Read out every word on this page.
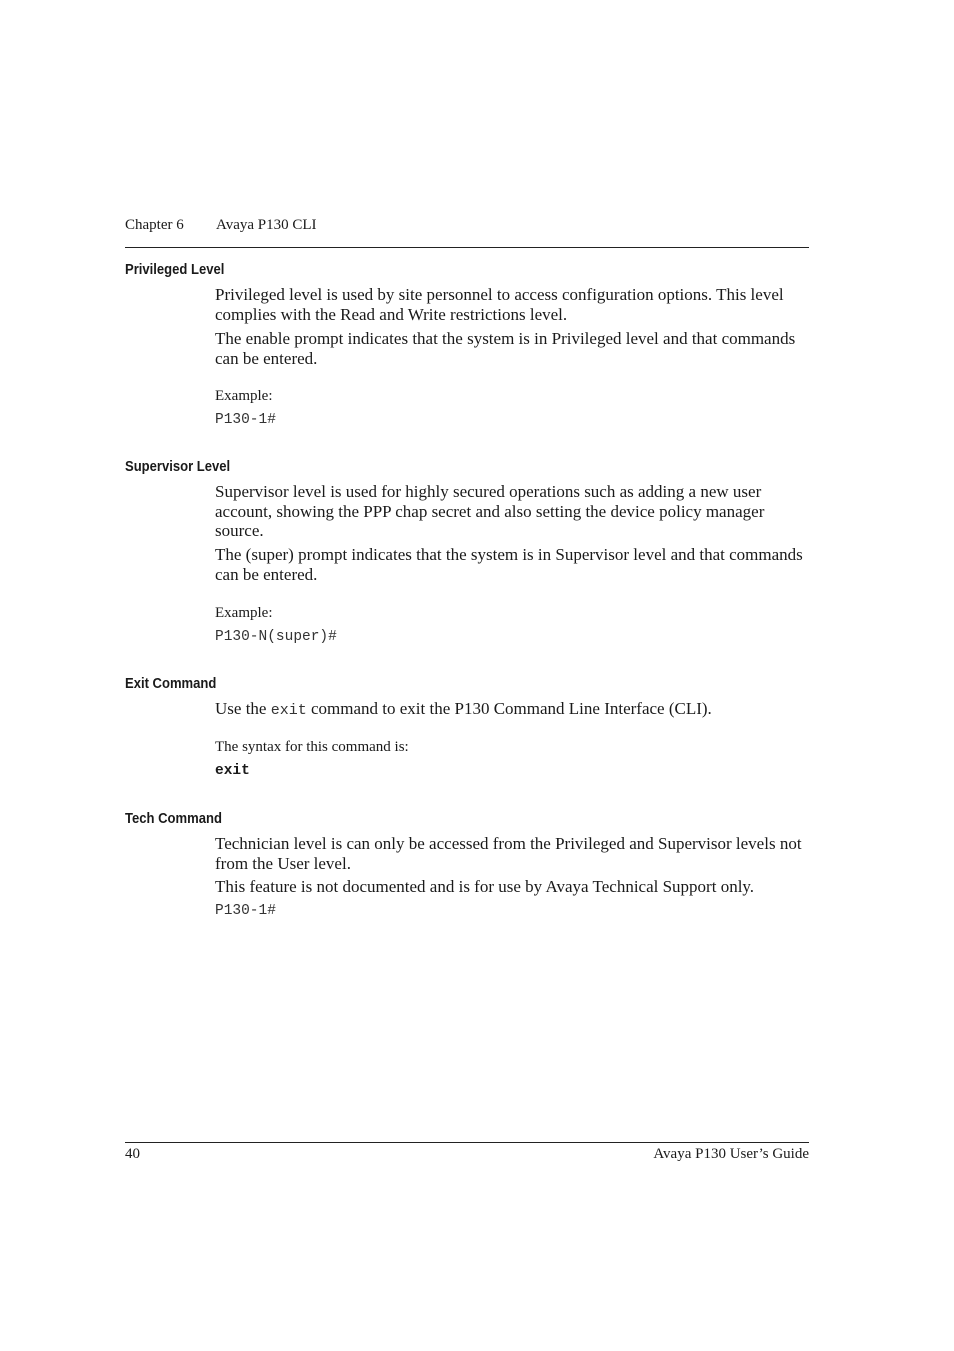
Chapter 6 Avaya P130 CLI
Privileged Level

Privileged level is used by site personnel to access configuration options. This level complies with the Read and Write restrictions level.

The enable prompt indicates that the system is in Privileged level and that commands can be entered.

Example:

P130-1#

Supervisor Level

Supervisor level is used for highly secured operations such as adding a new user account, showing the PPP chap secret and also setting the device policy manager source.

The (super) prompt indicates that the system is in Supervisor level and that commands can be entered.

Example:

P130-N(super)#

Exit Command

Use the exit command to exit the P130 Command Line Interface (CLI).

The syntax for this command is:

exit

Tech Command

Technician level is can only be accessed from the Privileged and Supervisor levels not from the User level.

This feature is not documented and is for use by Avaya Technical Support only.

P130-1#

40	Avaya P130 User’s Guide
